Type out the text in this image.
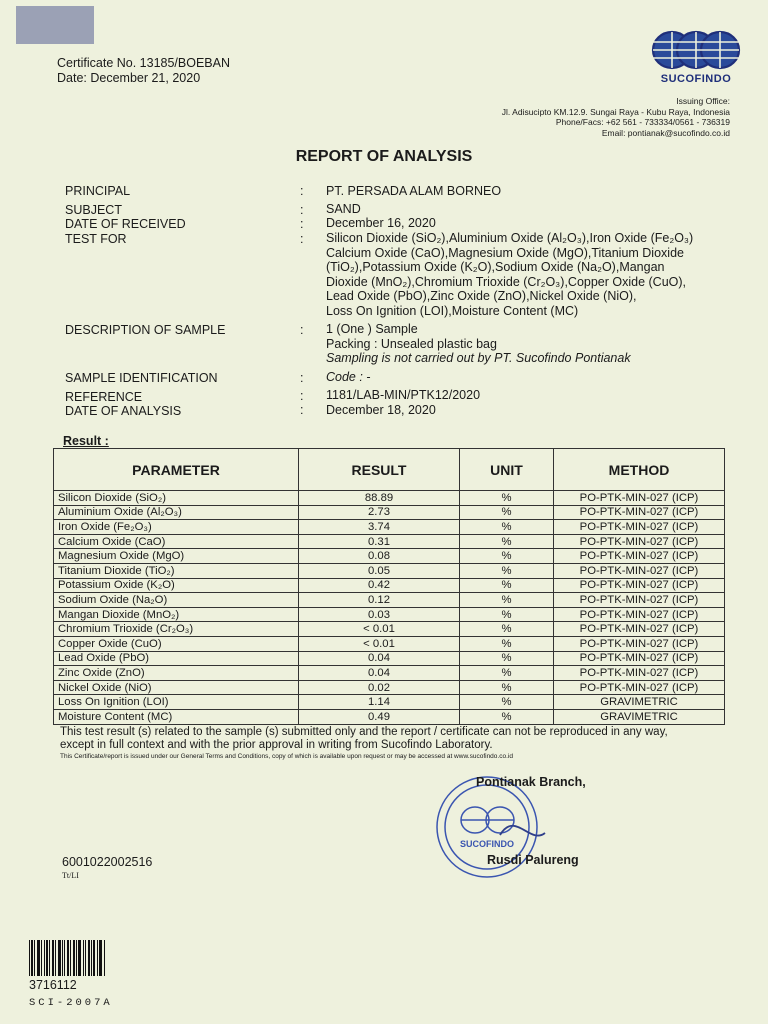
Certificate No. 13185/BOEBAN
Date: December 21, 2020	SUCOFINDO
Issuing Office:
Jl. Adisucipto KM.12.9. Sungai Raya - Kubu Raya, Indonesia
Phone/Facs: +62 561 - 733334/0561 - 736319
Email: pontianak@sucofindo.co.id
REPORT OF ANALYSIS
PRINCIPAL	: PT. PERSADA ALAM BORNEO
SUBJECT	: SAND
DATE OF RECEIVED	: December 16, 2020
TEST FOR	: Silicon Dioxide (SiO₂),Aluminium Oxide (Al₂O₃),Iron Oxide (Fe₂O₃)
Calcium Oxide (CaO),Magnesium Oxide (MgO),Titanium Dioxide
(TiO₂),Potassium Oxide (K₂O),Sodium Oxide (Na₂O),Mangan
Dioxide (MnO₂),Chromium Trioxide (Cr₂O₃),Copper Oxide (CuO),
Lead Oxide (PbO),Zinc Oxide (ZnO),Nickel Oxide (NiO),
Loss On Ignition (LOI),Moisture Content (MC)
DESCRIPTION OF SAMPLE	: 1 (One ) Sample
Packing : Unsealed plastic bag
Sampling is not carried out by PT. Sucofindo Pontianak
SAMPLE IDENTIFICATION	: Code : -
REFERENCE	: 1181/LAB-MIN/PTK12/2020
DATE OF ANALYSIS	: December 18, 2020
Result :
PARAMETER	RESULT	UNIT	METHOD
Silicon Dioxide (SiO₂)	88.89	%	PO-PTK-MIN-027 (ICP)
Aluminium Oxide (Al₂O₃)	2.73	%	PO-PTK-MIN-027 (ICP)
Iron Oxide (Fe₂O₃)	3.74	%	PO-PTK-MIN-027 (ICP)
Calcium Oxide (CaO)	0.31	%	PO-PTK-MIN-027 (ICP)
Magnesium Oxide (MgO)	0.08	%	PO-PTK-MIN-027 (ICP)
Titanium Dioxide (TiO₂)	0.05	%	PO-PTK-MIN-027 (ICP)
Potassium Oxide (K₂O)	0.42	%	PO-PTK-MIN-027 (ICP)
Sodium Oxide (Na₂O)	0.12	%	PO-PTK-MIN-027 (ICP)
Mangan Dioxide (MnO₂)	0.03	%	PO-PTK-MIN-027 (ICP)
Chromium Trioxide (Cr₂O₃)	< 0.01	%	PO-PTK-MIN-027 (ICP)
Copper Oxide (CuO)	< 0.01	%	PO-PTK-MIN-027 (ICP)
Lead Oxide (PbO)	0.04	%	PO-PTK-MIN-027 (ICP)
Zinc Oxide (ZnO)	0.04	%	PO-PTK-MIN-027 (ICP)
Nickel Oxide (NiO)	0.02	%	PO-PTK-MIN-027 (ICP)
Loss On Ignition (LOI)	1.14	%	GRAVIMETRIC
Moisture Content (MC)	0.49	%	GRAVIMETRIC
This test result (s) related to the sample (s) submitted only and the report / certificate can not be reproduced in any way,
except in full context and with the prior approval in writing from Sucofindo Laboratory.
This Certificate/report is issued under our General Terms and Conditions, copy of which is available upon request or may be accessed at www.sucofindo.co.id
SUCOFINDO
Pontianak Branch,
Rusdi Palureng
6001022002516
Tt/LI
3716112
SCI-2007A
